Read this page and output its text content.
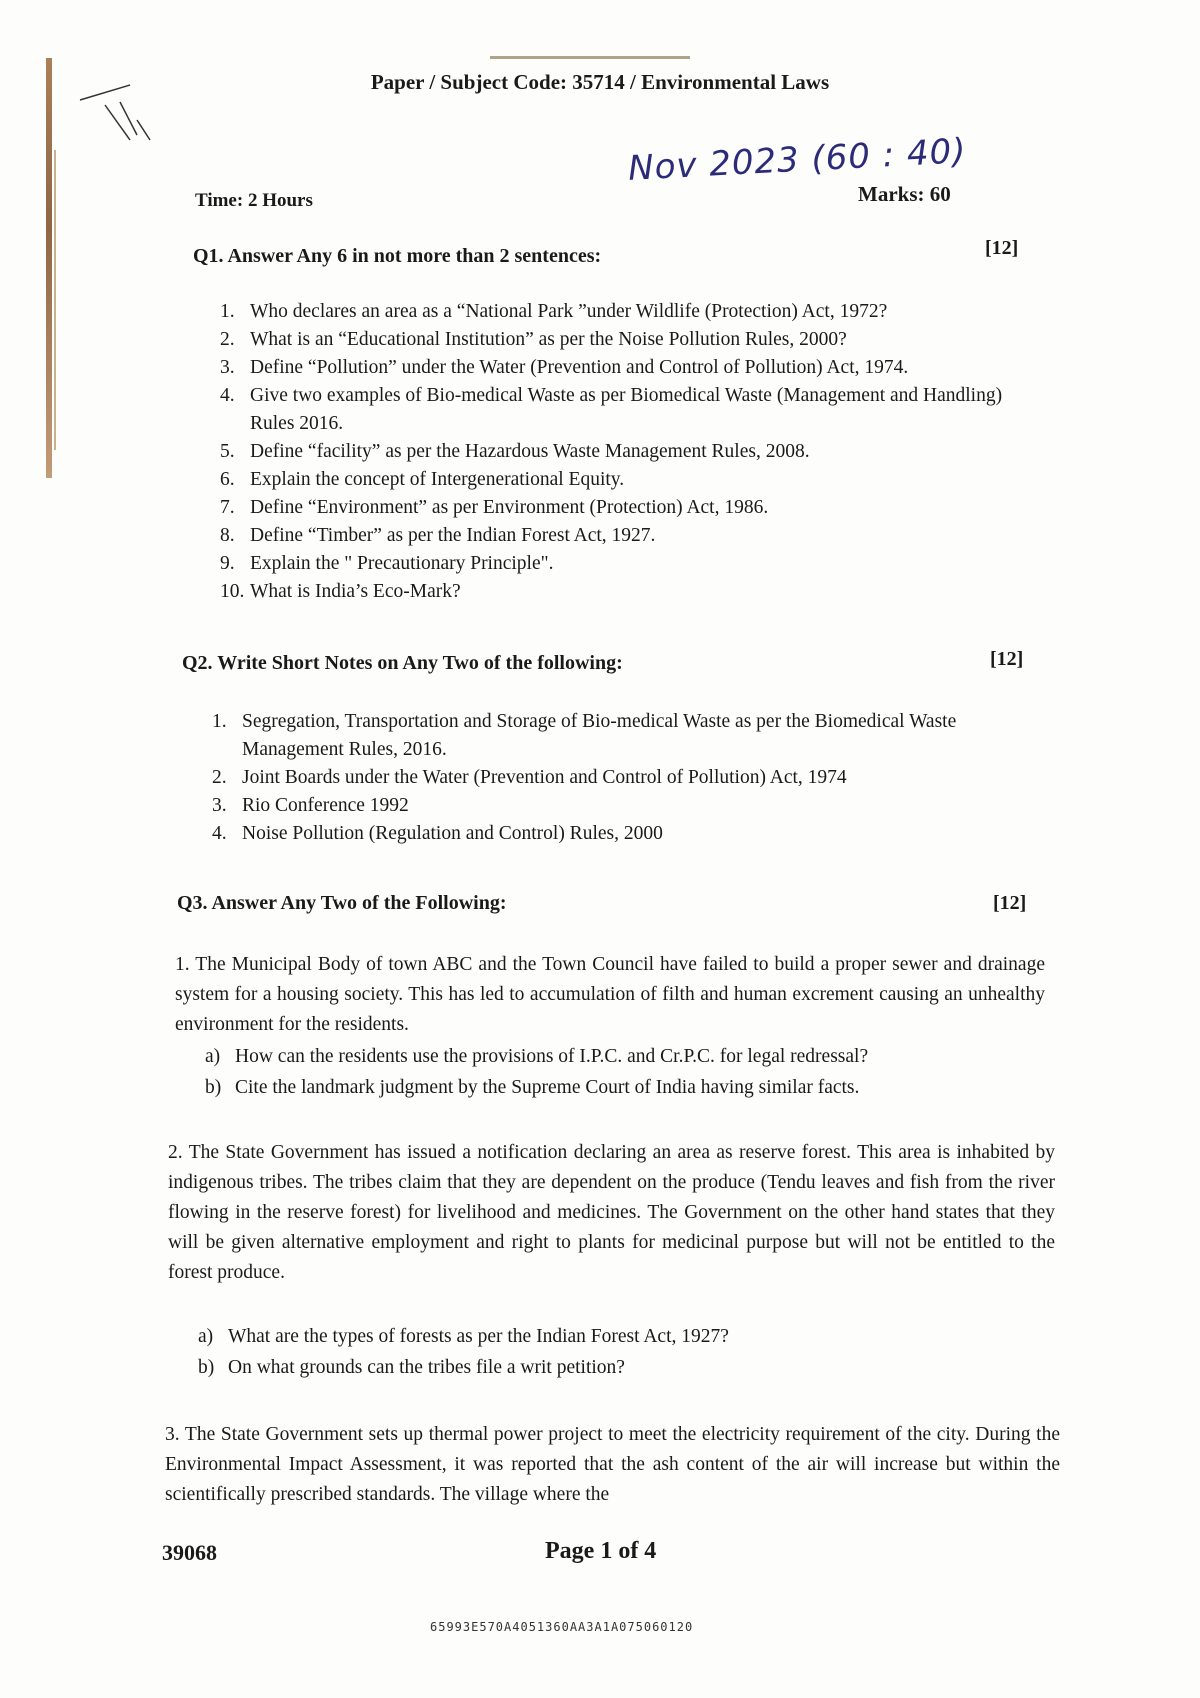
Paper / Subject Code: 35714 / Environmental Laws
Nov 2023 (60 : 40)
Time: 2 Hours	Marks: 60
Q1. Answer Any 6 in not more than 2 sentences:	[12]
1. Who declares an area as a “National Park ”under Wildlife (Protection) Act, 1972?
2. What is an “Educational Institution” as per the Noise Pollution Rules, 2000?
3. Define “Pollution” under the Water (Prevention and Control of Pollution) Act, 1974.
4. Give two examples of Bio-medical Waste as per Biomedical Waste (Management and Handling) Rules 2016.
5. Define “facility” as per the Hazardous Waste Management Rules, 2008.
6. Explain the concept of Intergenerational Equity.
7. Define “Environment” as per Environment (Protection) Act, 1986.
8. Define “Timber” as per the Indian Forest Act, 1927.
9. Explain the " Precautionary Principle".
10. What is India’s Eco-Mark?
Q2. Write Short Notes on Any Two of the following:	[12]
1. Segregation, Transportation and Storage of Bio-medical Waste as per the Biomedical Waste Management Rules, 2016.
2. Joint Boards under the Water (Prevention and Control of Pollution) Act, 1974
3. Rio Conference 1992
4. Noise Pollution (Regulation and Control) Rules, 2000
Q3. Answer Any Two of the Following:	[12]
1. The Municipal Body of town ABC and the Town Council have failed to build a proper sewer and drainage system for a housing society. This has led to accumulation of filth and human excrement causing an unhealthy environment for the residents.
a) How can the residents use the provisions of I.P.C. and Cr.P.C. for legal redressal?
b) Cite the landmark judgment by the Supreme Court of India having similar facts.
2. The State Government has issued a notification declaring an area as reserve forest. This area is inhabited by indigenous tribes. The tribes claim that they are dependent on the produce (Tendu leaves and fish from the river flowing in the reserve forest) for livelihood and medicines. The Government on the other hand states that they will be given alternative employment and right to plants for medicinal purpose but will not be entitled to the forest produce.
a) What are the types of forests as per the Indian Forest Act, 1927?
b) On what grounds can the tribes file a writ petition?
3. The State Government sets up thermal power project to meet the electricity requirement of the city. During the Environmental Impact Assessment, it was reported that the ash content of the air will increase but within the scientifically prescribed standards. The village where the
39068	Page 1 of 4
65993E570A4051360AA3A1A075060120
